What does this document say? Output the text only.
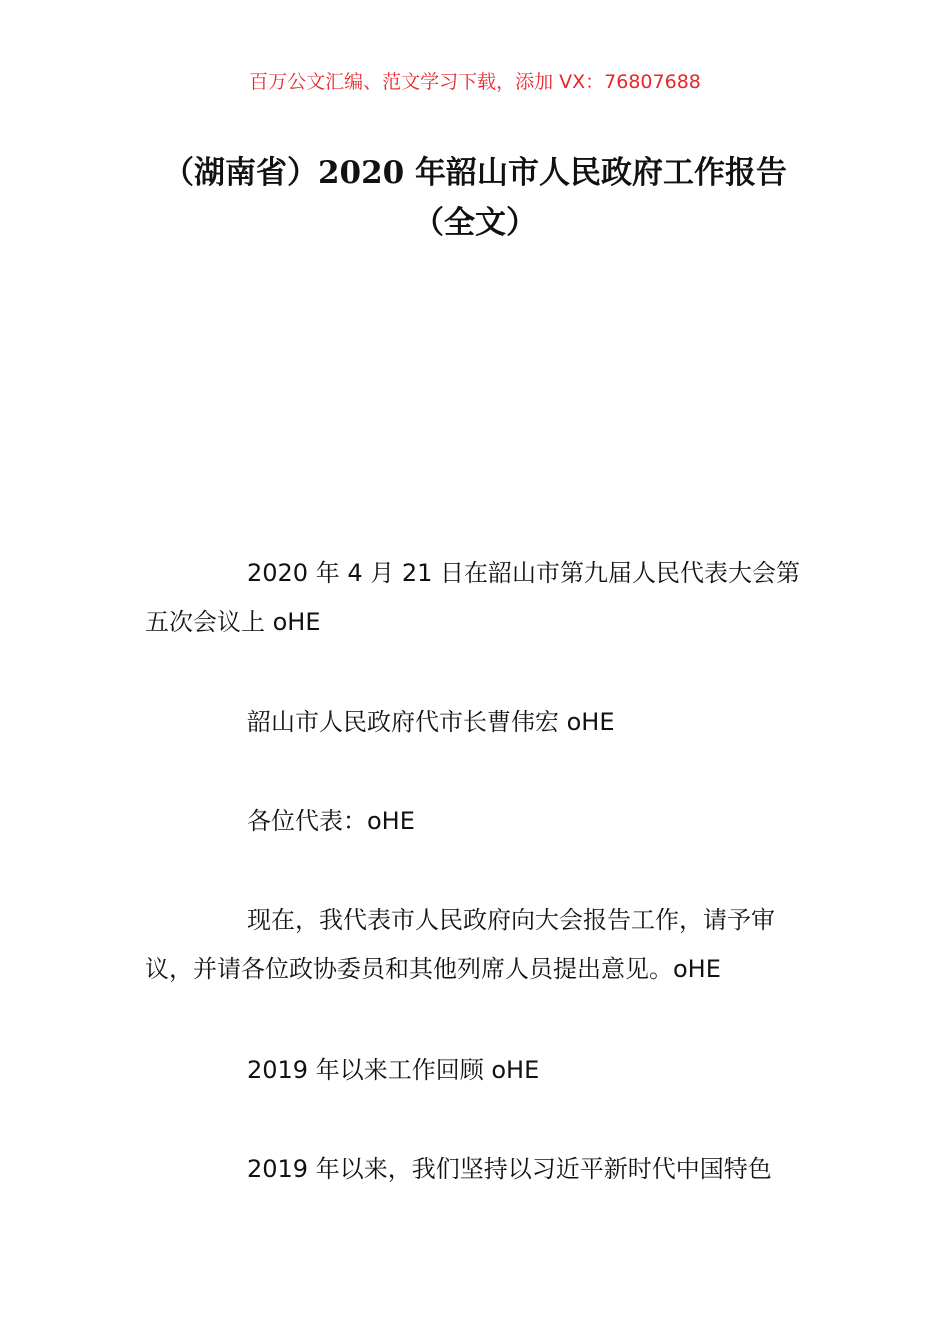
百万公文汇编、范文学习下载，添加 VX：76807688
（湖南省）2020 年韶山市人民政府工作报告（全文）
2020 年 4 月 21 日在韶山市第九届人民代表大会第五次会议上 oHE
韶山市人民政府代市长曹伟宏 oHE
各位代表：oHE
现在，我代表市人民政府向大会报告工作，请予审议，并请各位政协委员和其他列席人员提出意见。oHE
2019 年以来工作回顾 oHE
2019 年以来，我们坚持以习近平新时代中国特色
